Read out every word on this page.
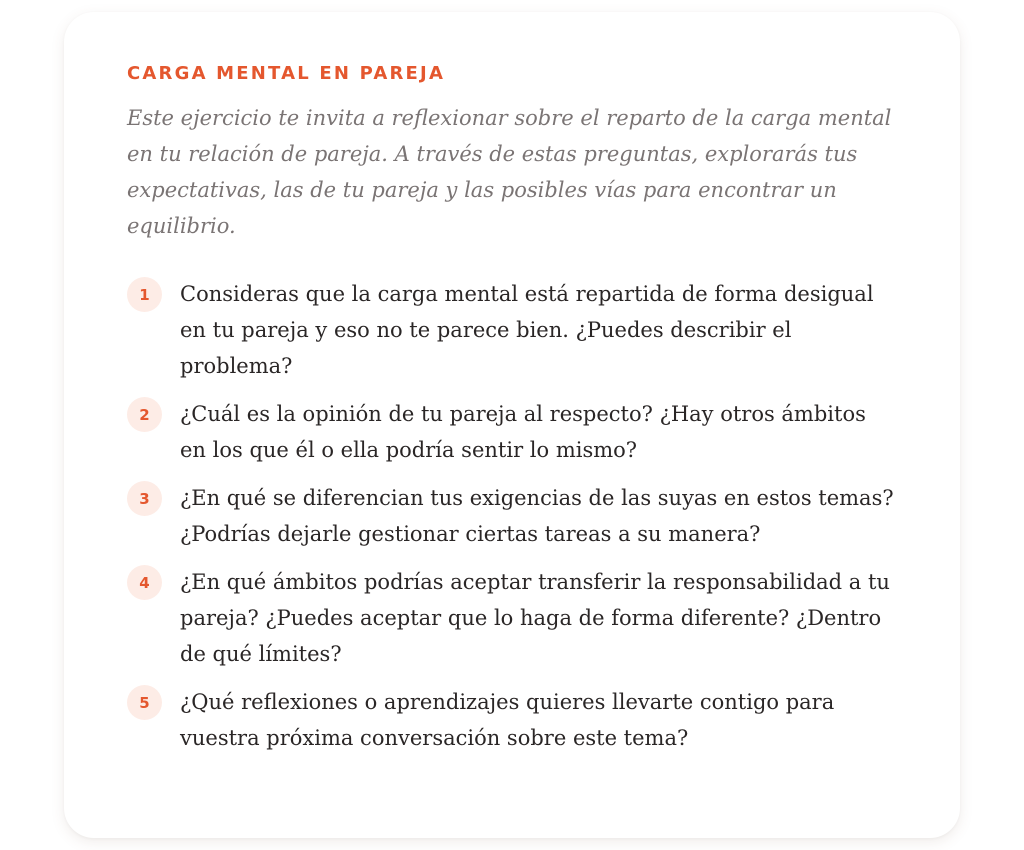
CARGA MENTAL EN PAREJA

Este ejercicio te invita a reflexionar sobre el reparto de la carga mental en tu relación de pareja. A través de estas preguntas, explorarás tus expectativas, las de tu pareja y las posibles vías para encontrar un equilibrio.

1	Consideras que la carga mental está repartida de forma desigual en tu pareja y eso no te parece bien. ¿Puedes describir el problema?
2	¿Cuál es la opinión de tu pareja al respecto? ¿Hay otros ámbitos en los que él o ella podría sentir lo mismo?
3	¿En qué se diferencian tus exigencias de las suyas en estos temas? ¿Podrías dejarle gestionar ciertas tareas a su manera?
4	¿En qué ámbitos podrías aceptar transferir la responsabilidad a tu pareja? ¿Puedes aceptar que lo haga de forma diferente? ¿Dentro de qué límites?
5	¿Qué reflexiones o aprendizajes quieres llevarte contigo para vuestra próxima conversación sobre este tema?
